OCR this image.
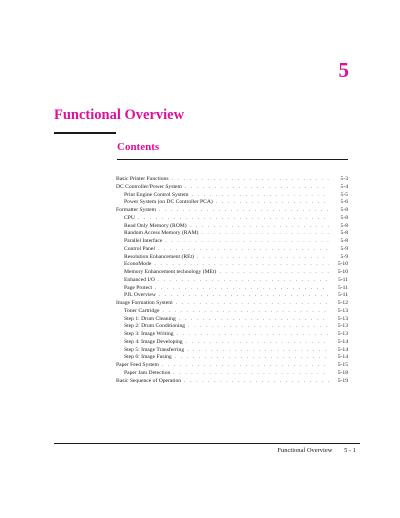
5
Functional Overview
Contents
Basic Printer Functions . . .	5-3
DC Controller/Power System . . .	5-4
Print Engine Control System . . .	5-5
Power System (on DC Controller PCA) . . .	5-6
Formatter System . . .	5-8
CPU . . .	5-8
Read Only Memory (ROM) . . .	5-8
Random Access Memory (RAM) . . .	5-8
Parallel Interface . . .	5-8
Control Panel . . .	5-9
Resolution Enhancement (REt) . . .	5-9
EconoMode . . .	5-10
Memory Enhancement technology (MEt) . . .	5-10
Enhanced I/O . . .	5-11
Page Protect . . .	5-11
PJL Overview . . .	5-11
Image Formation System . . .	5-12
Toner Cartridge . . .	5-13
Step 1: Drum Cleaning . . .	5-13
Step 2: Drum Conditioning . . .	5-13
Step 3: Image Writing . . .	5-13
Step 4: Image Developing . . .	5-14
Step 5: Image Transferring . . .	5-14
Step 6: Image Fusing . . .	5-14
Paper Feed System . . .	5-15
Paper Jam Detection . . .	5-18
Basic Sequence of Operation . . .	5-19
Functional Overview 5 - 1
